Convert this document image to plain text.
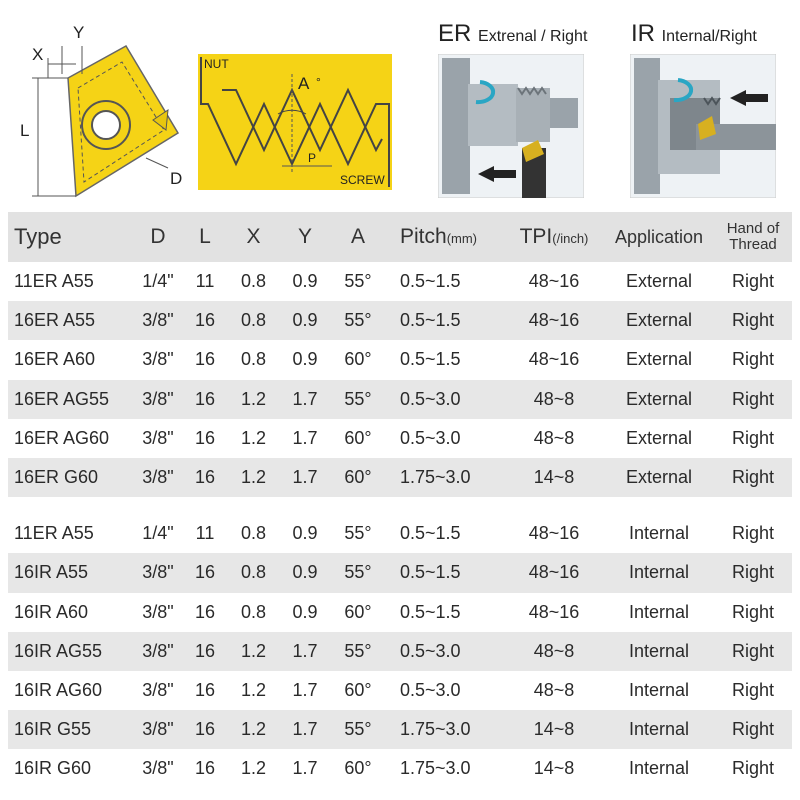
Y
X
L
D
NUT
SCREW
A °
P
ER Extrenal / Right IR Internal/Right
Type	D	L	X	Y	A	Pitch(mm)	TPI(/inch)	Application	Hand of
Thread
11ER A55	1/4"	11	0.8	0.9	55°	0.5~1.5	48~16	External	Right
16ER A55	3/8"	16	0.8	0.9	55°	0.5~1.5	48~16	External	Right
16ER A60	3/8"	16	0.8	0.9	60°	0.5~1.5	48~16	External	Right
16ER AG55	3/8"	16	1.2	1.7	55°	0.5~3.0	48~8	External	Right
16ER AG60	3/8"	16	1.2	1.7	60°	0.5~3.0	48~8	External	Right
16ER G60	3/8"	16	1.2	1.7	60°	1.75~3.0	14~8	External	Right
11ER A55	1/4"	11	0.8	0.9	55°	0.5~1.5	48~16	Internal	Right
16IR A55	3/8"	16	0.8	0.9	55°	0.5~1.5	48~16	Internal	Right
16IR A60	3/8"	16	0.8	0.9	60°	0.5~1.5	48~16	Internal	Right
16IR AG55	3/8"	16	1.2	1.7	55°	0.5~3.0	48~8	Internal	Right
16IR AG60	3/8"	16	1.2	1.7	60°	0.5~3.0	48~8	Internal	Right
16IR G55	3/8"	16	1.2	1.7	55°	1.75~3.0	14~8	Internal	Right
16IR G60	3/8"	16	1.2	1.7	60°	1.75~3.0	14~8	Internal	Right
